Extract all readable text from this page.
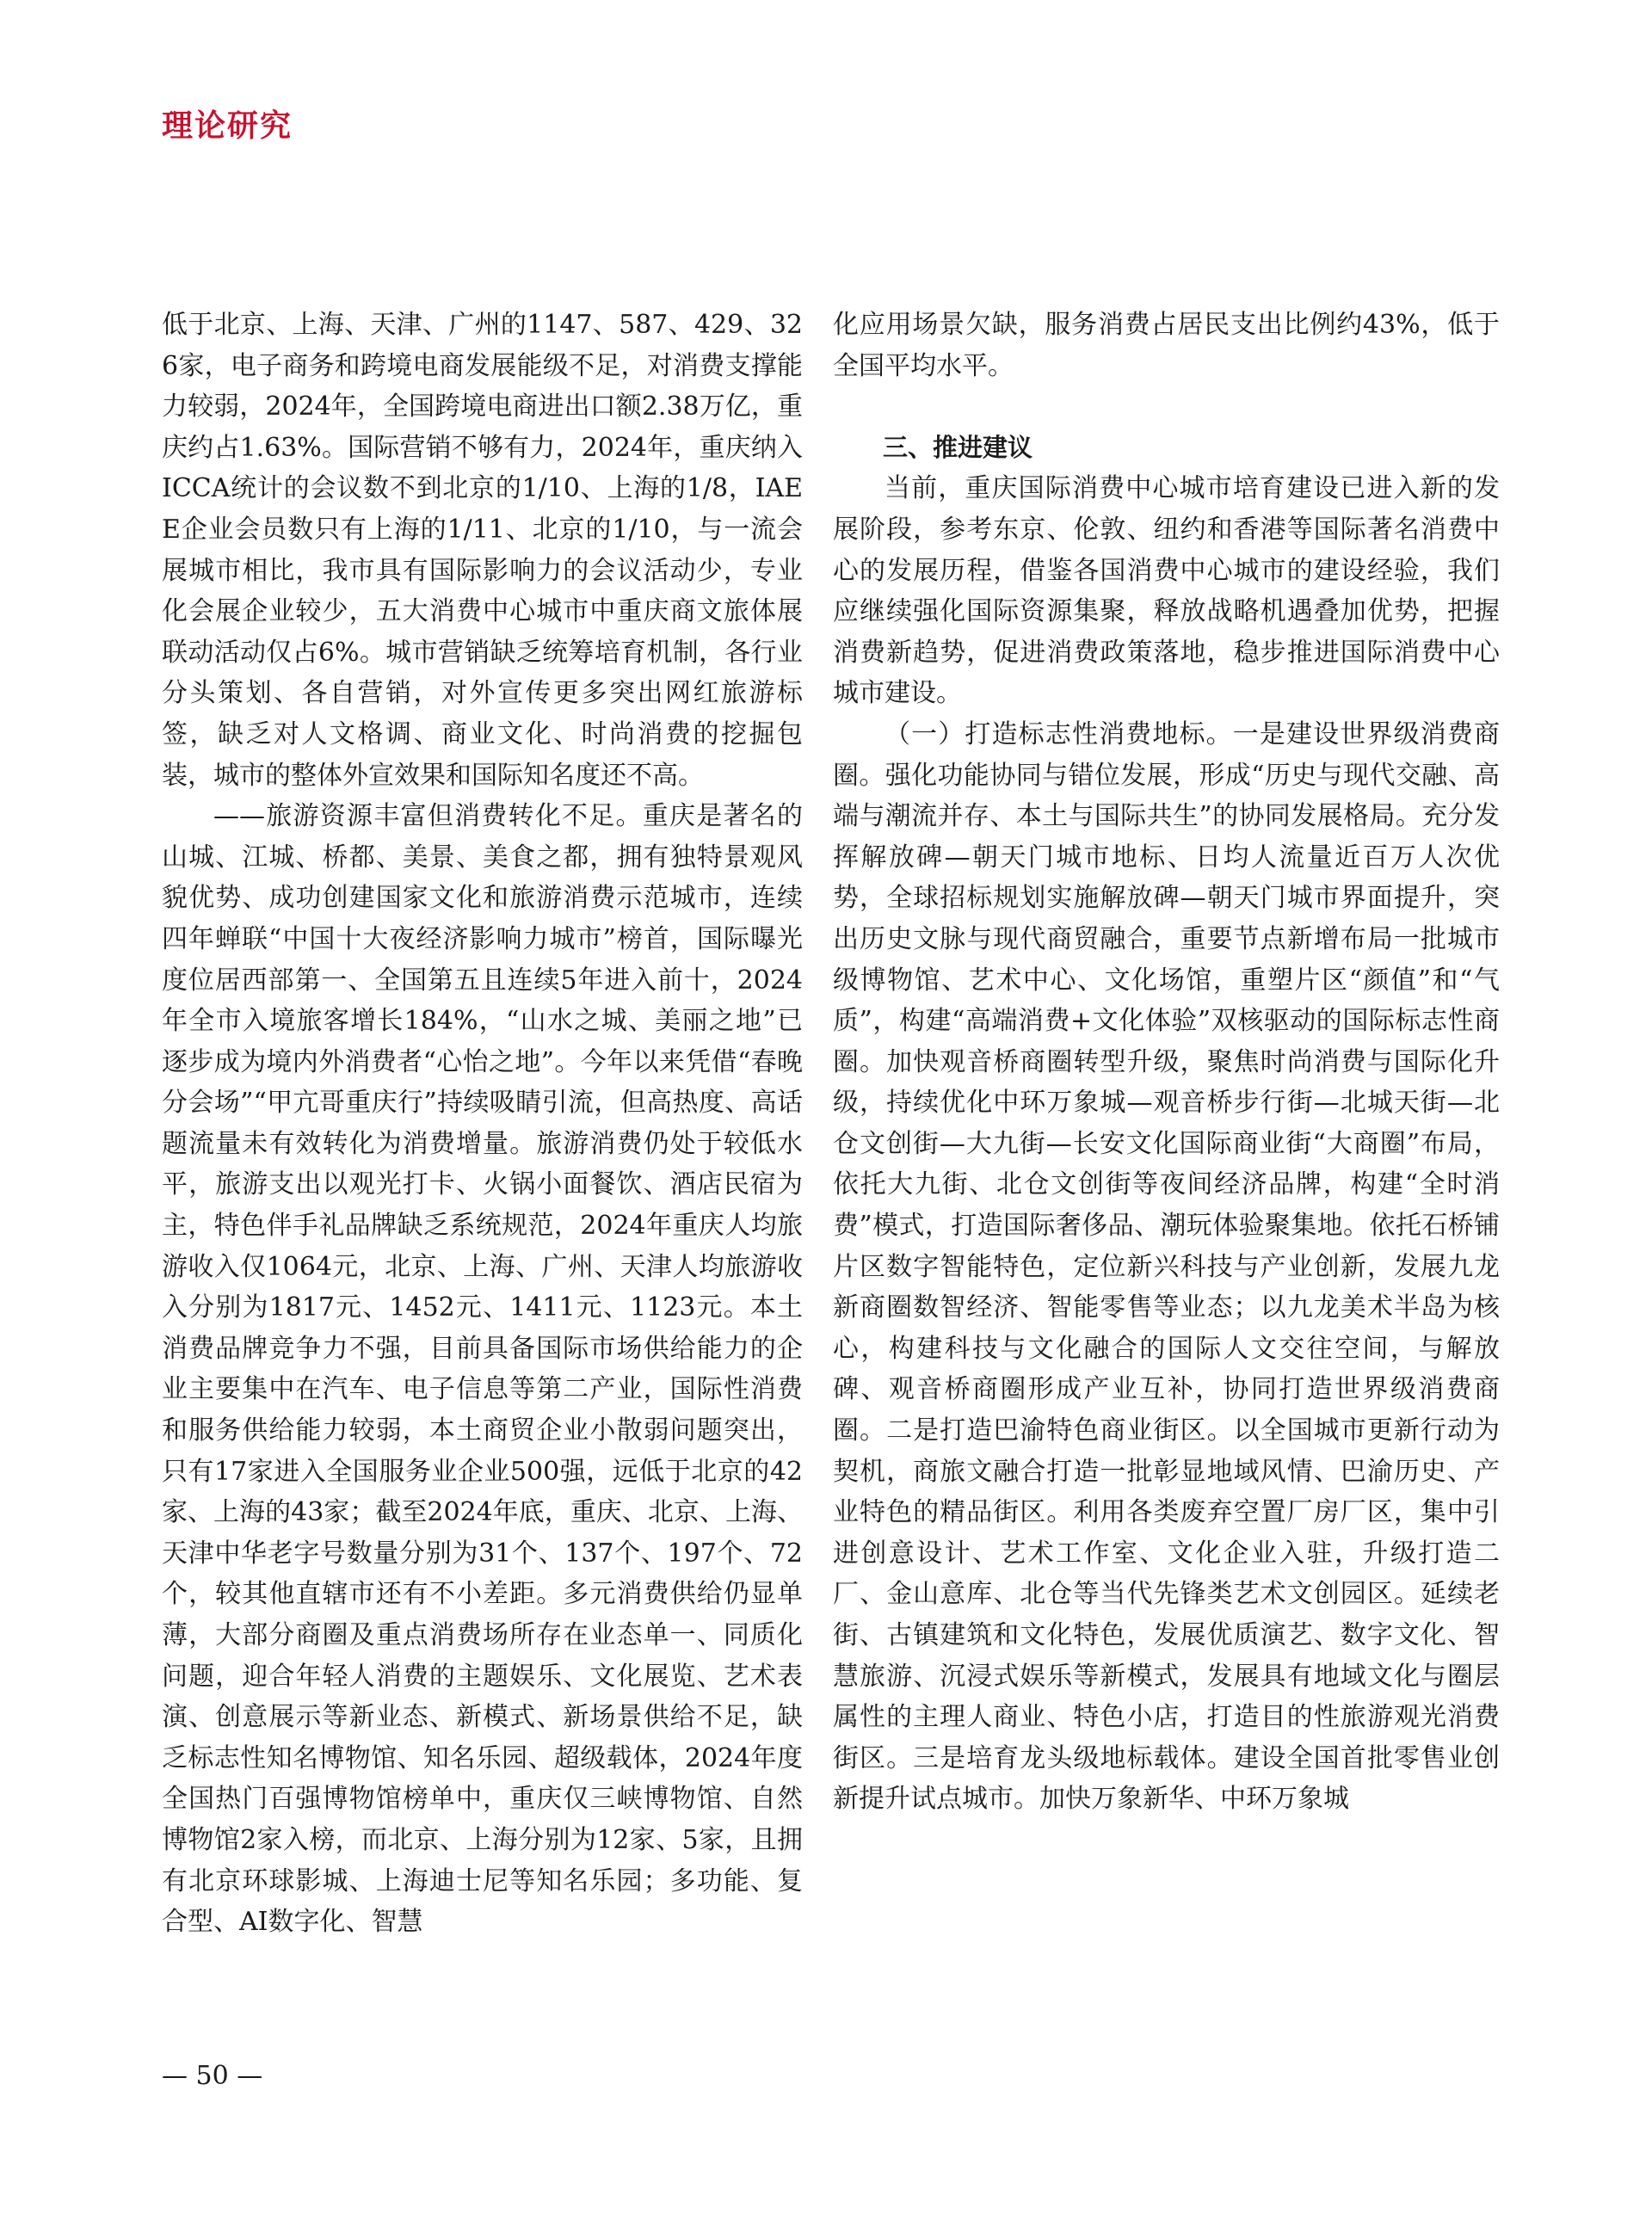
理论研究

低于北京、上海、天津、广州的1147、587、429、326家，电子商务和跨境电商发展能级不足，对消费支撑能力较弱，2024年，全国跨境电商进出口额2.38万亿，重庆约占1.63%。国际营销不够有力，2024年，重庆纳入ICCA统计的会议数不到北京的1/10、上海的1/8，IAEE企业会员数只有上海的1/11、北京的1/10，与一流会展城市相比，我市具有国际影响力的会议活动少，专业化会展企业较少，五大消费中心城市中重庆商文旅体展联动活动仅占6%。城市营销缺乏统筹培育机制，各行业分头策划、各自营销，对外宣传更多突出网红旅游标签，缺乏对人文格调、商业文化、时尚消费的挖掘包装，城市的整体外宣效果和国际知名度还不高。

——旅游资源丰富但消费转化不足。重庆是著名的山城、江城、桥都、美景、美食之都，拥有独特景观风貌优势、成功创建国家文化和旅游消费示范城市，连续四年蝉联“中国十大夜经济影响力城市”榜首，国际曝光度位居西部第一、全国第五且连续5年进入前十，2024年全市入境旅客增长184%，“山水之城、美丽之地”已逐步成为境内外消费者“心怡之地”。今年以来凭借“春晚分会场”“甲亢哥重庆行”持续吸睛引流，但高热度、高话题流量未有效转化为消费增量。旅游消费仍处于较低水平，旅游支出以观光打卡、火锅小面餐饮、酒店民宿为主，特色伴手礼品牌缺乏系统规范，2024年重庆人均旅游收入仅1064元，北京、上海、广州、天津人均旅游收入分别为1817元、1452元、1411元、1123元。本土消费品牌竞争力不强，目前具备国际市场供给能力的企业主要集中在汽车、电子信息等第二产业，国际性消费和服务供给能力较弱，本土商贸企业小散弱问题突出，只有17家进入全国服务业企业500强，远低于北京的42家、上海的43家；截至2024年底，重庆、北京、上海、天津中华老字号数量分别为31个、137个、197个、72个，较其他直辖市还有不小差距。多元消费供给仍显单薄，大部分商圈及重点消费场所存在业态单一、同质化问题，迎合年轻人消费的主题娱乐、文化展览、艺术表演、创意展示等新业态、新模式、新场景供给不足，缺乏标志性知名博物馆、知名乐园、超级载体，2024年度全国热门百强博物馆榜单中，重庆仅三峡博物馆、自然博物馆2家入榜，而北京、上海分别为12家、5家，且拥有北京环球影城、上海迪士尼等知名乐园；多功能、复合型、AI数字化、智慧

化应用场景欠缺，服务消费占居民支出比例约43%，低于全国平均水平。

三、推进建议

当前，重庆国际消费中心城市培育建设已进入新的发展阶段，参考东京、伦敦、纽约和香港等国际著名消费中心的发展历程，借鉴各国消费中心城市的建设经验，我们应继续强化国际资源集聚，释放战略机遇叠加优势，把握消费新趋势，促进消费政策落地，稳步推进国际消费中心城市建设。

（一）打造标志性消费地标。一是建设世界级消费商圈。强化功能协同与错位发展，形成“历史与现代交融、高端与潮流并存、本土与国际共生”的协同发展格局。充分发挥解放碑—朝天门城市地标、日均人流量近百万人次优势，全球招标规划实施解放碑—朝天门城市界面提升，突出历史文脉与现代商贸融合，重要节点新增布局一批城市级博物馆、艺术中心、文化场馆，重塑片区“颜值”和“气质”，构建“高端消费+文化体验”双核驱动的国际标志性商圈。加快观音桥商圈转型升级，聚焦时尚消费与国际化升级，持续优化中环万象城—观音桥步行街—北城天街—北仓文创街—大九街—长安文化国际商业街“大商圈”布局，依托大九街、北仓文创街等夜间经济品牌，构建“全时消费”模式，打造国际奢侈品、潮玩体验聚集地。依托石桥铺片区数字智能特色，定位新兴科技与产业创新，发展九龙新商圈数智经济、智能零售等业态；以九龙美术半岛为核心，构建科技与文化融合的国际人文交往空间，与解放碑、观音桥商圈形成产业互补，协同打造世界级消费商圈。二是打造巴渝特色商业街区。以全国城市更新行动为契机，商旅文融合打造一批彰显地域风情、巴渝历史、产业特色的精品街区。利用各类废弃空置厂房厂区，集中引进创意设计、艺术工作室、文化企业入驻，升级打造二厂、金山意库、北仓等当代先锋类艺术文创园区。延续老街、古镇建筑和文化特色，发展优质演艺、数字文化、智慧旅游、沉浸式娱乐等新模式，发展具有地域文化与圈层属性的主理人商业、特色小店，打造目的性旅游观光消费街区。三是培育龙头级地标载体。建设全国首批零售业创新提升试点城市。加快万象新华、中环万象城

— 50 —
